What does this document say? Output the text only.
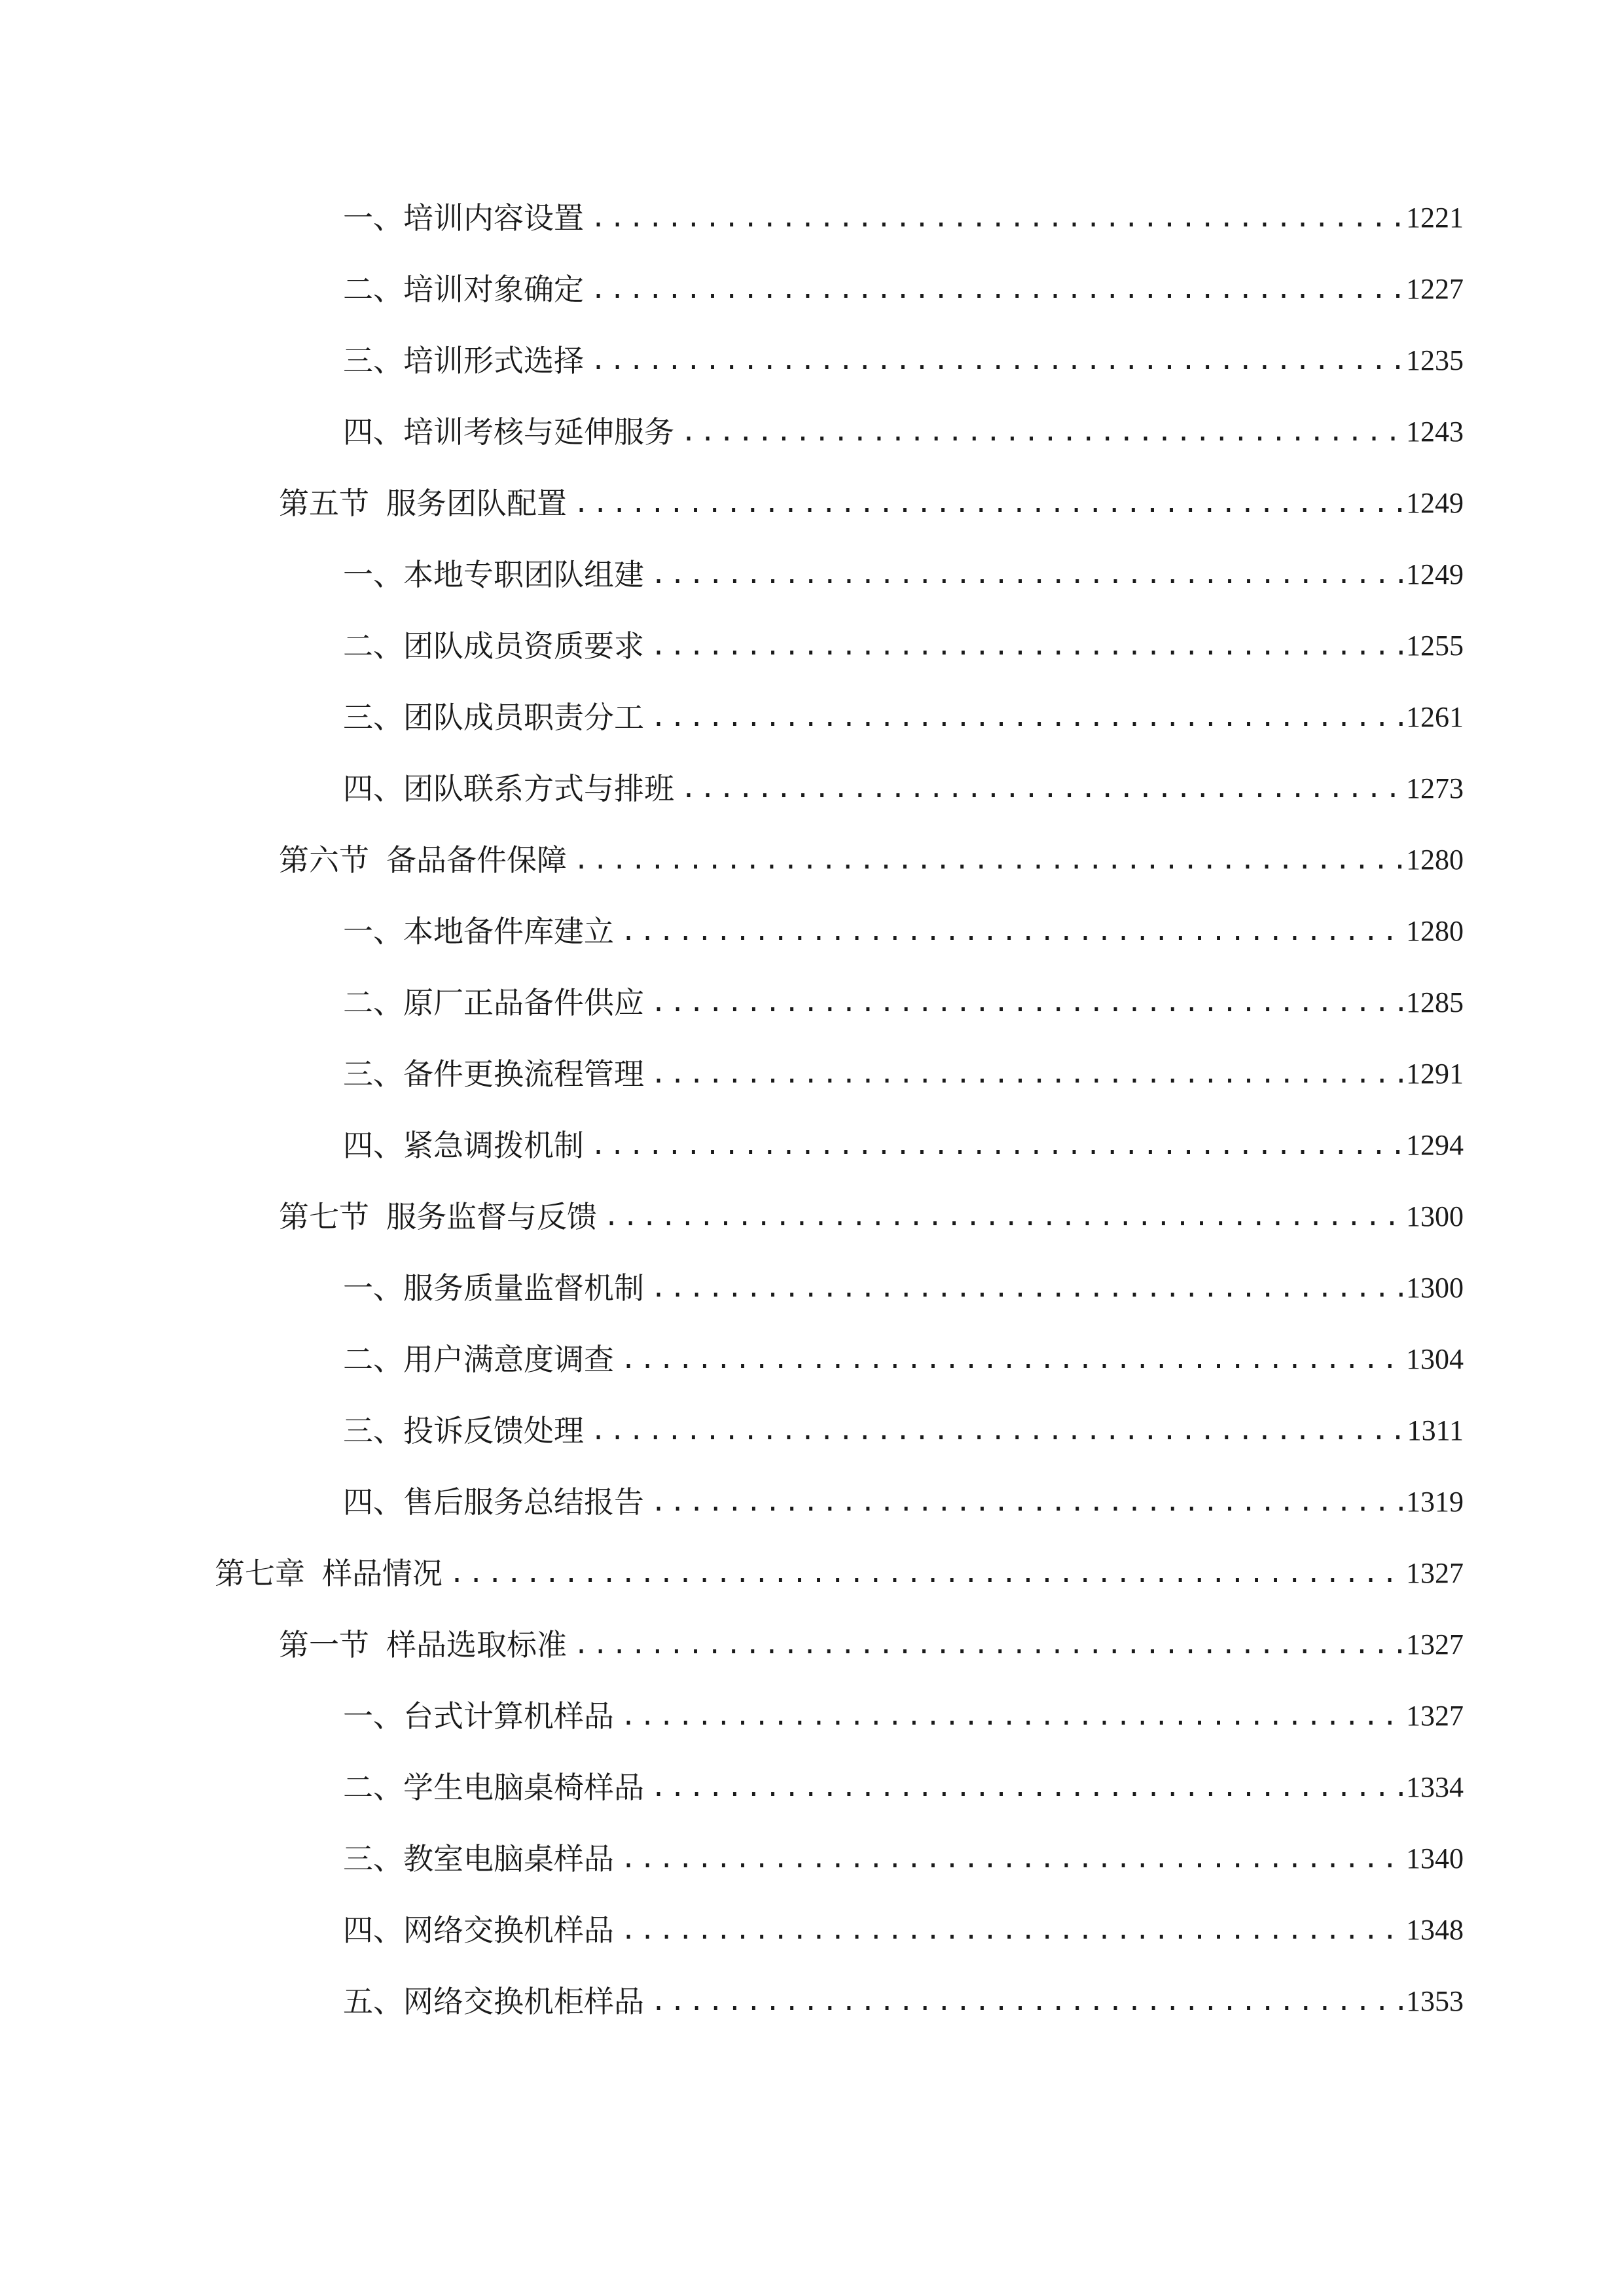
一、 培训内容设置 .....	1221
二、 培训对象确定 .....	1227
三、 培训形式选择 .....	1235
四、 培训考核与延伸服务 .....	1243
第五节 服务团队配置 .....	1249
一、 本地专职团队组建 .....	1249
二、 团队成员资质要求 .....	1255
三、 团队成员职责分工 .....	1261
四、 团队联系方式与排班 .....	1273
第六节 备品备件保障 .....	1280
一、 本地备件库建立 .....	1280
二、 原厂正品备件供应 .....	1285
三、 备件更换流程管理 .....	1291
四、 紧急调拨机制 .....	1294
第七节 服务监督与反馈 .....	1300
一、 服务质量监督机制 .....	1300
二、 用户满意度调查 .....	1304
三、 投诉反馈处理 .....	1311
四、 售后服务总结报告 .....	1319
第七章 样品情况 .....	1327
第一节 样品选取标准 .....	1327
一、 台式计算机样品 .....	1327
二、 学生电脑桌椅样品 .....	1334
三、 教室电脑桌样品 .....	1340
四、 网络交换机样品 .....	1348
五、 网络交换机柜样品 .....	1353
